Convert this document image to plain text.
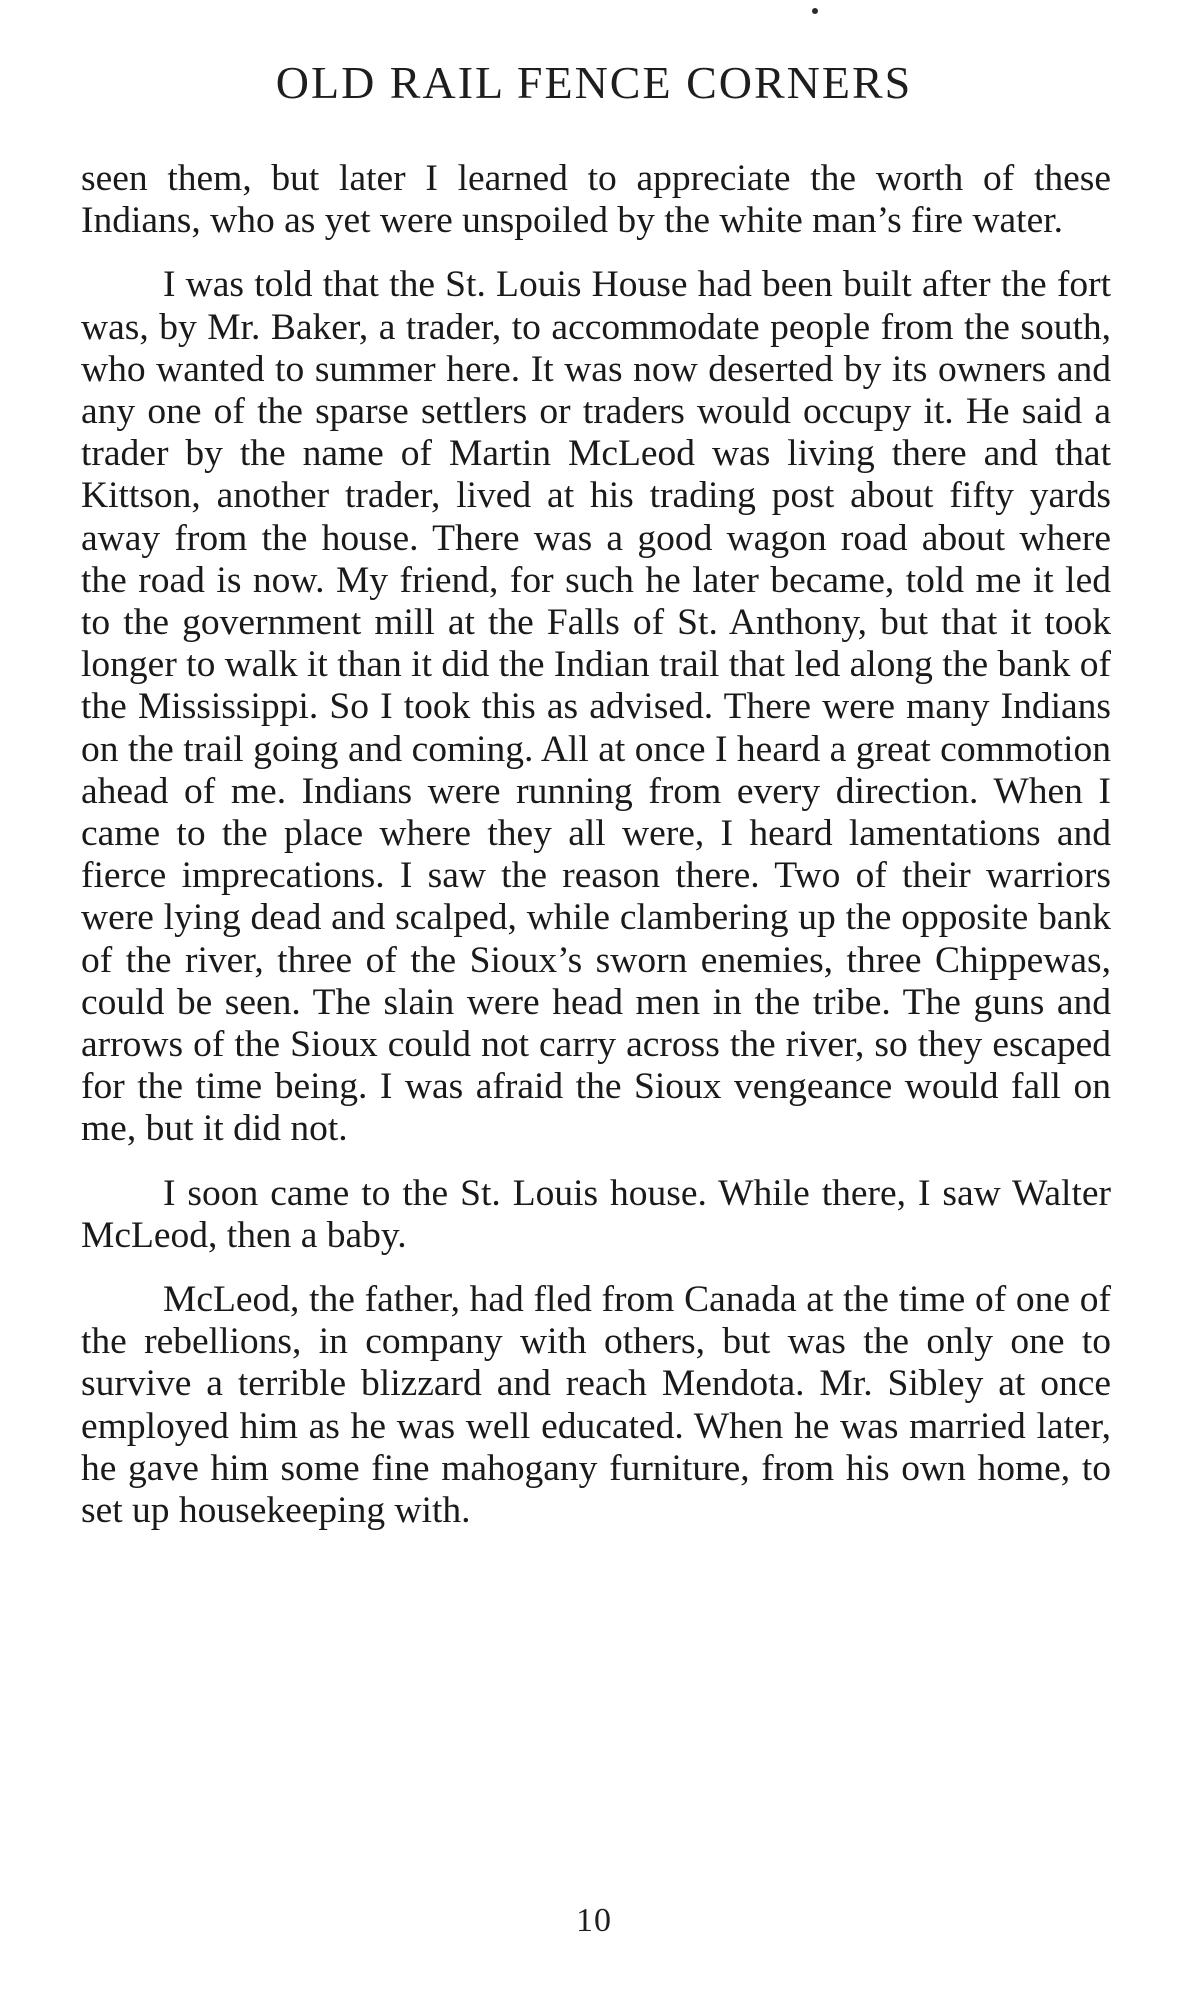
OLD RAIL FENCE CORNERS

seen them, but later I learned to appreciate the worth of these Indians, who as yet were unspoiled by the white man’s fire water.

I was told that the St. Louis House had been built after the fort was, by Mr. Baker, a trader, to accommodate people from the south, who wanted to summer here. It was now deserted by its owners and any one of the sparse settlers or traders would occupy it. He said a trader by the name of Martin McLeod was living there and that Kittson, another trader, lived at his trading post about fifty yards away from the house. There was a good wagon road about where the road is now. My friend, for such he later became, told me it led to the government mill at the Falls of St. Anthony, but that it took longer to walk it than it did the Indian trail that led along the bank of the Mississippi. So I took this as advised. There were many Indians on the trail going and coming. All at once I heard a great commotion ahead of me. Indians were running from every direction. When I came to the place where they all were, I heard lamentations and fierce imprecations. I saw the reason there. Two of their warriors were lying dead and scalped, while clambering up the opposite bank of the river, three of the Sioux’s sworn enemies, three Chippewas, could be seen. The slain were head men in the tribe. The guns and arrows of the Sioux could not carry across the river, so they escaped for the time being. I was afraid the Sioux vengeance would fall on me, but it did not.

I soon came to the St. Louis house. While there, I saw Walter McLeod, then a baby.

McLeod, the father, had fled from Canada at the time of one of the rebellions, in company with others, but was the only one to survive a terrible blizzard and reach Mendota. Mr. Sibley at once employed him as he was well educated. When he was married later, he gave him some fine mahogany furniture, from his own home, to set up housekeeping with.

10
